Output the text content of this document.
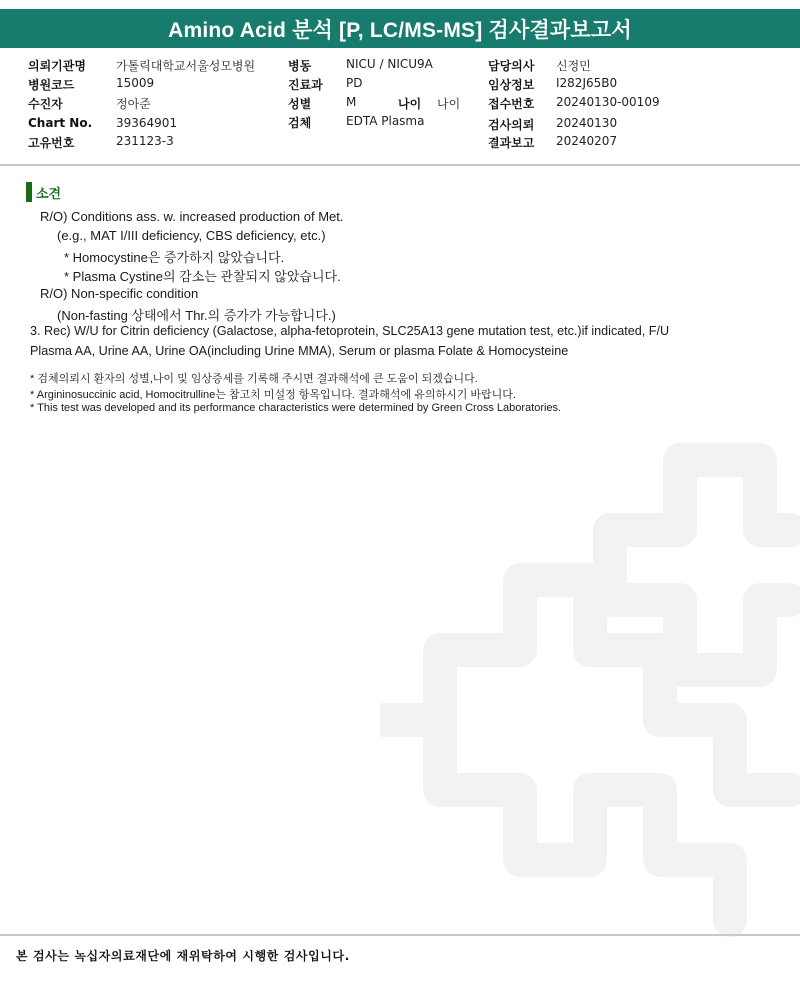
Amino Acid 분석 [P, LC/MS-MS] 검사결과보고서
의뢰기관명	가톨릭대학교서울성모병원
병원코드	15009
수진자	정아준
Chart No. 39364901
고유번호	231123-3
병동	NICU / NICU9A
진료과 PD
성별	M	나이 나이
검체	EDTA Plasma
담당의사 신정민
임상정보 I282J65B0
접수번호 20240130-00109
검사의뢰 20240130
결과보고 20240207
소견
R/O) Conditions ass. w. increased production of Met.
(e.g., MAT I/III deficiency, CBS deficiency, etc.)
* Homocystine은 증가하지 않았습니다.
* Plasma Cystine의 감소는 관찰되지 않았습니다.
R/O) Non-specific condition
(Non-fasting 상태에서 Thr.의 증가가 가능합니다.)
3. Rec) W/U for Citrin deficiency (Galactose, alpha-fetoprotein, SLC25A13 gene mutation test, etc.)if indicated, F/U
Plasma AA, Urine AA, Urine OA(including Urine MMA), Serum or plasma Folate & Homocysteine
* 검체의뢰시 환자의 성별,나이 및 임상증세를 기록해 주시면 결과해석에 큰 도움이 되겠습니다.
* Argininosuccinic acid, Homocitrulline는 참고치 미설정 항목입니다. 결과해석에 유의하시기 바랍니다.
* This test was developed and its performance characteristics were determined by Green Cross Laboratories.
본 검사는 녹십자의료재단에 재위탁하여 시행한 검사입니다.
